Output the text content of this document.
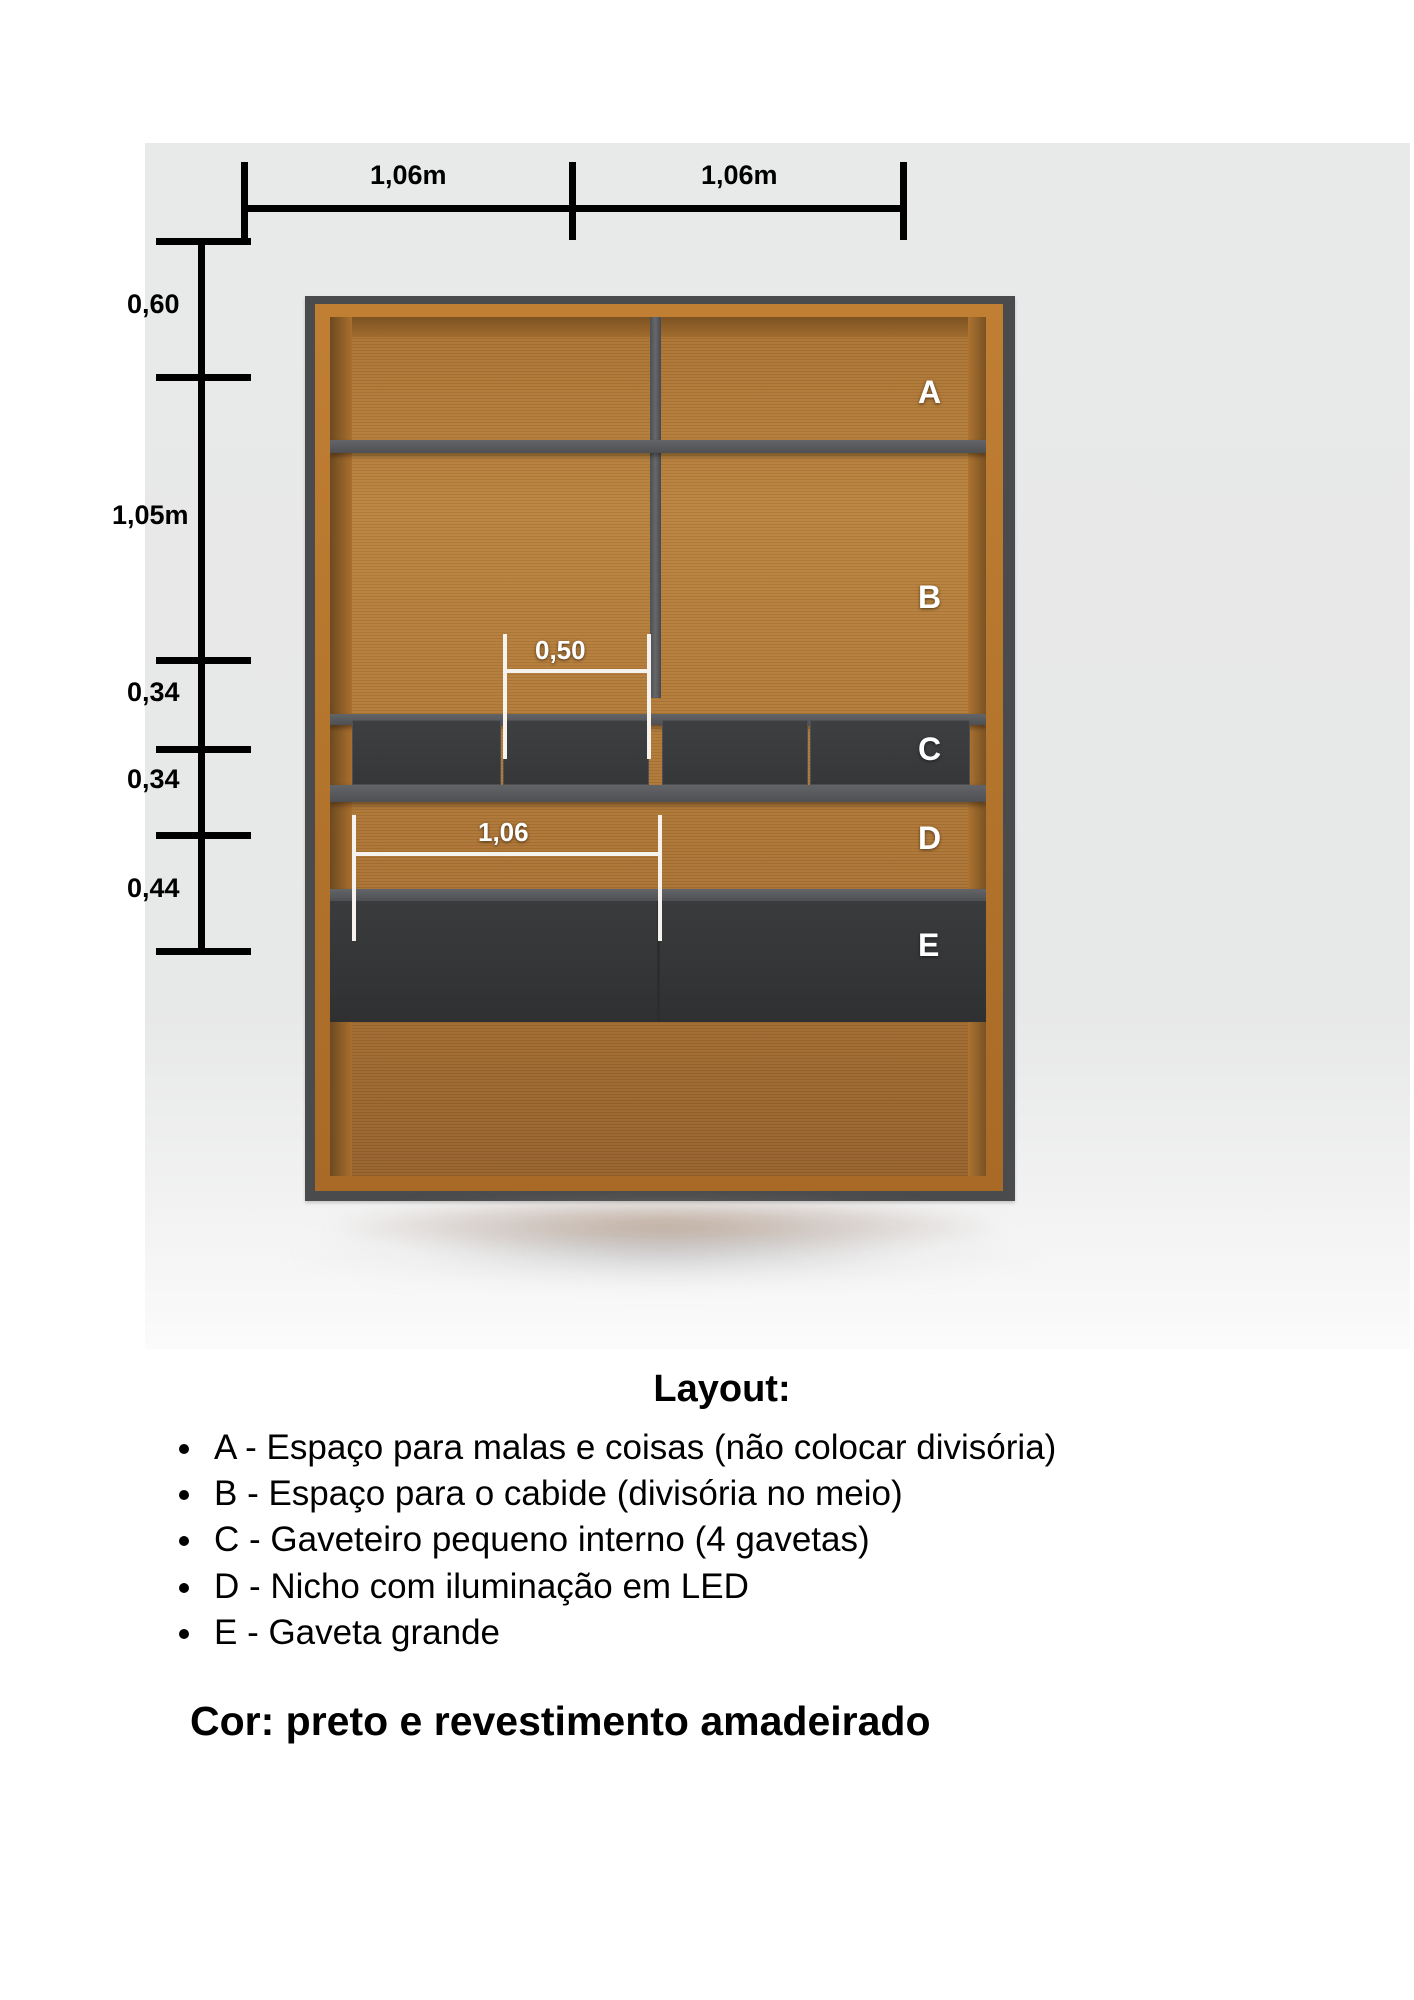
1,06m	1,06m
0,60
1,05m
0,34
0,34
0,44
A
B
C
D
E
0,50
1,06
Layout:
• A - Espaço para malas e coisas (não colocar divisória)
• B - Espaço para o cabide (divisória no meio)
• C - Gaveteiro pequeno interno (4 gavetas)
• D - Nicho com iluminação em LED
• E - Gaveta grande
Cor: preto e revestimento amadeirado
